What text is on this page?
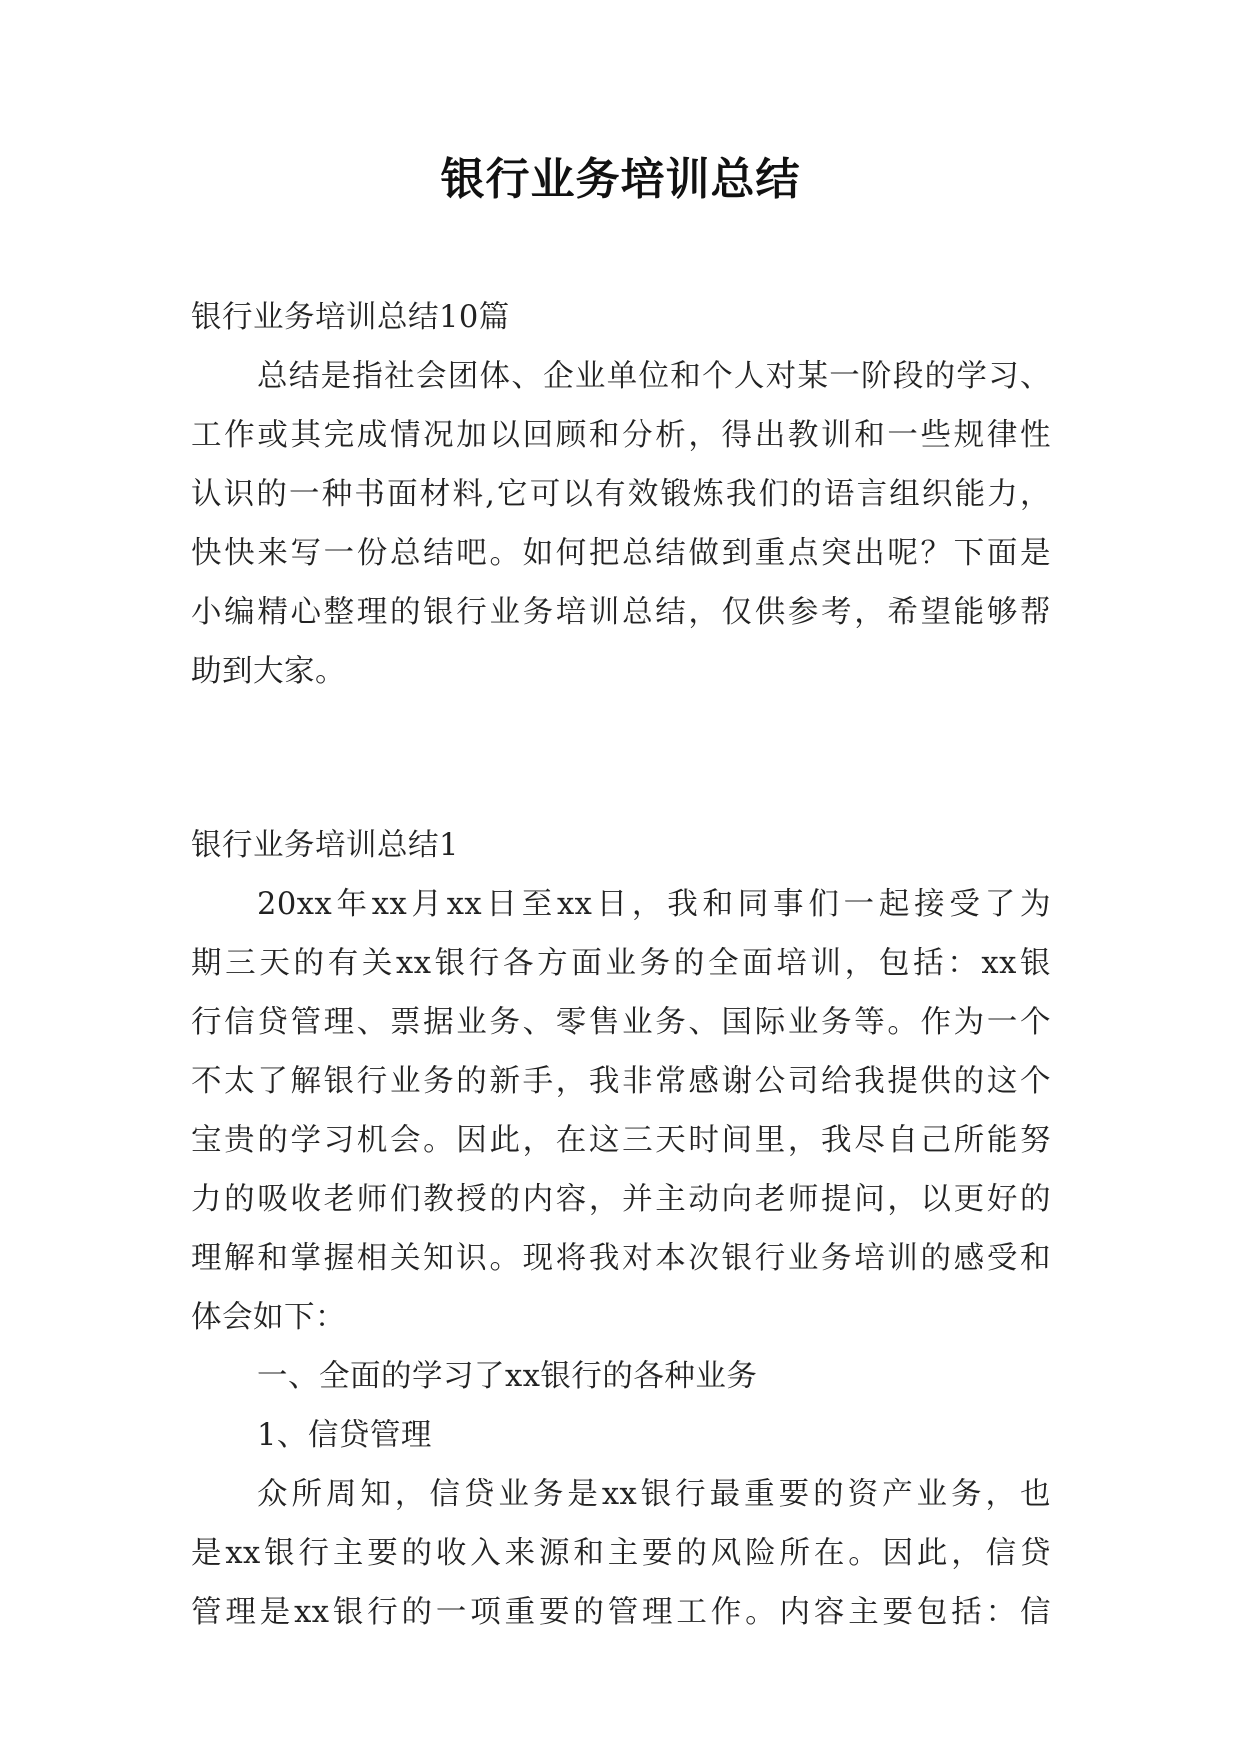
银行业务培训总结
银行业务培训总结10篇
总结是指社会团体、企业单位和个人对某一阶段的学习、
工作或其完成情况加以回顾和分析，得出教训和一些规律性
认识的一种书面材料,它可以有效锻炼我们的语言组织能力，
快快来写一份总结吧。如何把总结做到重点突出呢？下面是
小编精心整理的银行业务培训总结，仅供参考，希望能够帮
助到大家。
银行业务培训总结1
20xx年xx月xx日至xx日，我和同事们一起接受了为
期三天的有关xx银行各方面业务的全面培训，包括：xx银
行信贷管理、票据业务、零售业务、国际业务等。作为一个
不太了解银行业务的新手，我非常感谢公司给我提供的这个
宝贵的学习机会。因此，在这三天时间里，我尽自己所能努
力的吸收老师们教授的内容，并主动向老师提问，以更好的
理解和掌握相关知识。现将我对本次银行业务培训的感受和
体会如下：
一、全面的学习了xx银行的各种业务
1、信贷管理
众所周知，信贷业务是xx银行最重要的资产业务，也
是xx银行主要的收入来源和主要的风险所在。因此，信贷
管理是xx银行的一项重要的管理工作。内容主要包括：信
